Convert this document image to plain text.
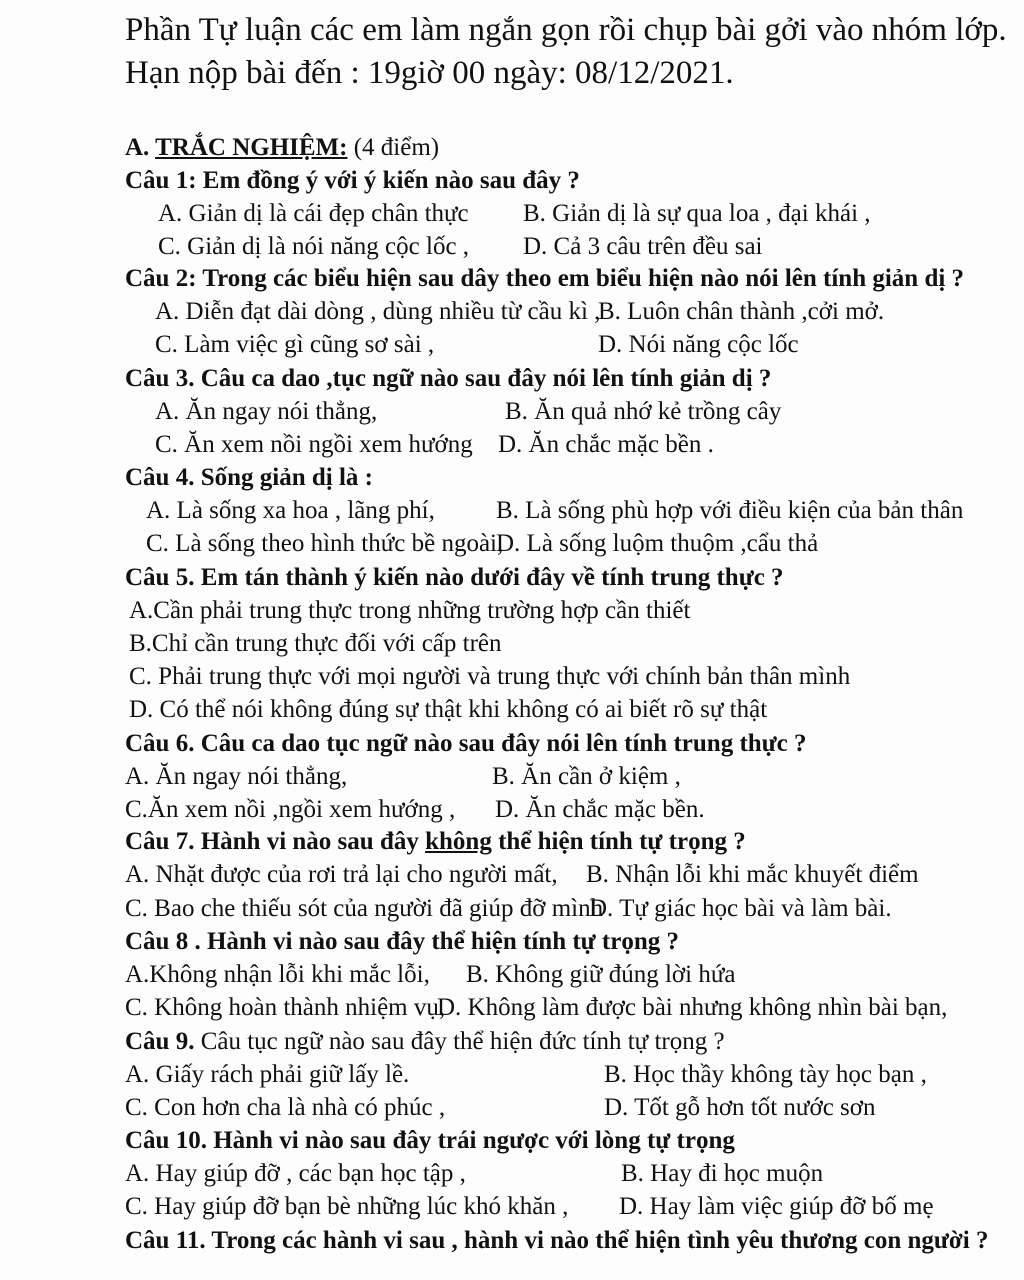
Phần Tự luận các em làm ngắn gọn rồi chụp bài gởi vào nhóm lớp.
Hạn nộp bài đến : 19giờ 00 ngày: 08/12/2021.
A. TRẮC NGHIỆM: (4 điểm)
Câu 1: Em đồng ý với ý kiến nào sau đây ?
A. Giản dị là cái đẹp chân thực B. Giản dị là sự qua loa , đại khái ,
C. Giản dị là nói năng cộc lốc , D. Cả 3 câu trên đều sai
Câu 2: Trong các biểu hiện sau dây theo em biểu hiện nào nói lên tính giản dị ?
A. Diễn đạt dài dòng , dùng nhiều từ cầu kì ,
B. Luôn chân thành ,cởi mở.
C. Làm việc gì cũng sơ sài ,	D. Nói năng cộc lốc
Câu 3. Câu ca dao ,tục ngữ nào sau đây nói lên tính giản dị ?
A. Ăn ngay nói thẳng,	B. Ăn quả nhớ kẻ trồng cây
C. Ăn xem nồi ngồi xem hướng D. Ăn chắc mặc bền .
Câu 4. Sống giản dị là :
A. Là sống xa hoa , lãng phí, B. Là sống phù hợp với điều kiện của bản thân
C. Là sống theo hình thức bề ngoài,
D. Là sống luộm thuộm ,cẩu thả
Câu 5. Em tán thành ý kiến nào dưới đây về tính trung thực ?
A.Cần phải trung thực trong những trường hợp cần thiết
B.Chỉ cần trung thực đối với cấp trên
C. Phải trung thực với mọi người và trung thực với chính bản thân mình
D. Có thể nói không đúng sự thật khi không có ai biết rõ sự thật
Câu 6. Câu ca dao tục ngữ nào sau đây nói lên tính trung thực ?
A. Ăn ngay nói thẳng,	B. Ăn cần ở kiệm ,
C.Ăn xem nồi ,ngồi xem hướng , D. Ăn chắc mặc bền.
Câu 7. Hành vi nào sau đây không thể hiện tính tự trọng ?
A. Nhặt được của rơi trả lại cho người mất, B. Nhận lỗi khi mắc khuyết điểm
C. Bao che thiếu sót của người đã giúp đỡ mình
D. Tự giác học bài và làm bài.
Câu 8 . Hành vi nào sau đây thể hiện tính tự trọng ?
A.Không nhận lỗi khi mắc lỗi, B. Không giữ đúng lời hứa
C. Không hoàn thành nhiệm vụ,
D. Không làm được bài nhưng không nhìn bài bạn,
Câu 9. Câu tục ngữ nào sau đây thể hiện đức tính tự trọng ?
A. Giấy rách phải giữ lấy lề.	B. Học thầy không tày học bạn ,
C. Con hơn cha là nhà có phúc ,	D. Tốt gỗ hơn tốt nước sơn
Câu 10. Hành vi nào sau đây trái ngược với lòng tự trọng
A. Hay giúp đỡ , các bạn học tập ,	B. Hay đi học muộn
C. Hay giúp đỡ bạn bè những lúc khó khăn , D. Hay làm việc giúp đỡ bố mẹ
Câu 11. Trong các hành vi sau , hành vi nào thể hiện tình yêu thương con người ?
